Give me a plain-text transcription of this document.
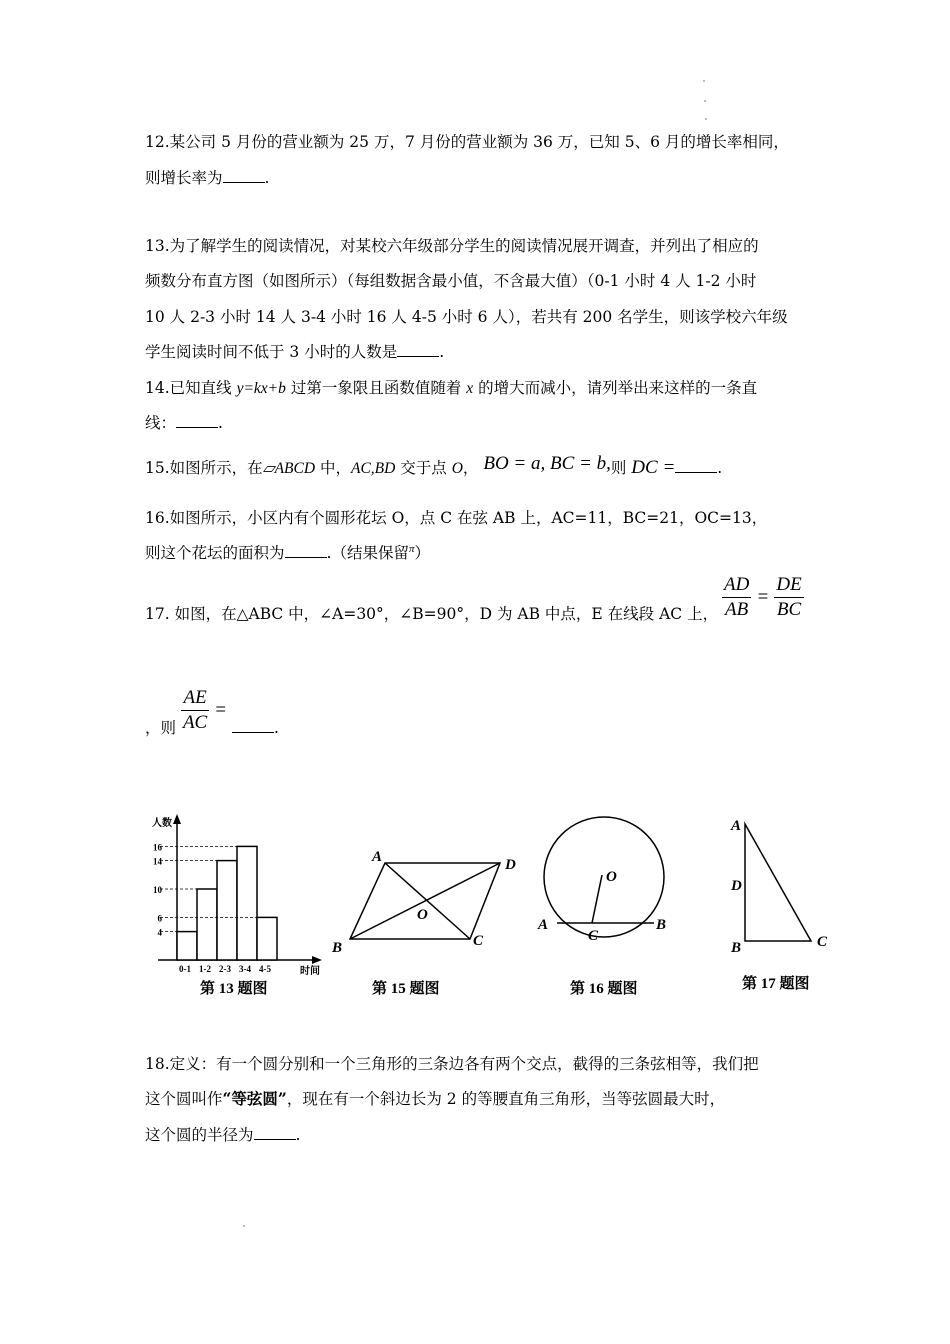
12.某公司 5 月份的营业额为 25 万，7 月份的营业额为 36 万，已知 5、6 月的增长率相同，
则增长率为	.
13.为了解学生的阅读情况，对某校六年级部分学生的阅读情况展开调查，并列出了相应的
频数分布直方图（如图所示）（每组数据含最小值，不含最大值）（0-1 小时 4 人 1-2 小时
10 人 2-3 小时 14 人 3-4 小时 16 人 4-5 小时 6 人），若共有 200 名学生，则该学校六年级
学生阅读时间不低于 3 小时的人数是	.
14.已知直线 y=kx+b 过第一象限且函数值随着 x 的增大而减小，请列举出来这样的一条直
线：	.
15.如图所示，在▱ABCD 中，AC,BD 交于点 O， BO = a, BC = b,则 DC =	.
16.如图所示，小区内有个圆形花坛 O，点 C 在弦 AB 上，AC=11，BC=21，OC=13，
则这个花坛的面积为	.（结果保留$^\pi$）
17. 如图，在△ABC 中，∠A=30°，∠B=90°，D 为 AB 中点，E 在线段 AC 上， $\frac{AD}{AB} = \frac{DE}{BC}$
，则 $\frac{AE}{AC}$ = .
人数
时间
16
14
10
6
4
0-1 1-2 2-3 3-4 4-5
第 13 题图
A	D
B	C
O
第 15 题图
O
A	B
C
第 16 题图
A
D
B	C
第 17 题图
18.定义：有一个圆分别和一个三角形的三条边各有两个交点，截得的三条弦相等，我们把
这个圆叫作“等弦圆”，现在有一个斜边长为 2 的等腰直角三角形，当等弦圆最大时，
这个圆的半径为	.
